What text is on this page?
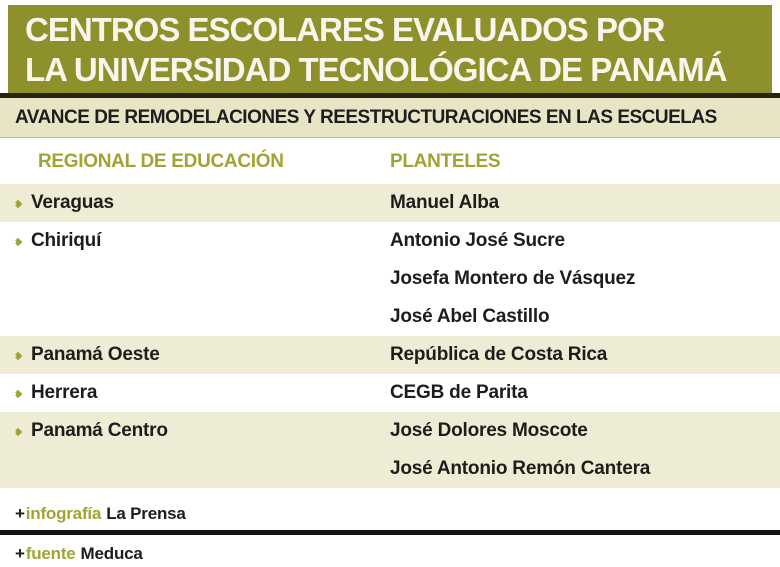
CENTROS ESCOLARES EVALUADOS POR
LA UNIVERSIDAD TECNOLÓGICA DE PANAMÁ
AVANCE DE REMODELACIONES Y REESTRUCTURACIONES EN LAS ESCUELAS
REGIONAL DE EDUCACIÓN	PLANTELES
Veraguas	Manuel Alba
Chiriquí	Antonio José Sucre
Josefa Montero de Vásquez
José Abel Castillo
Panamá Oeste	República de Costa Rica
Herrera	CEGB de Parita
Panamá Centro	José Dolores Moscote
José Antonio Remón Cantera
+ infografía La Prensa
+ fuente Meduca
